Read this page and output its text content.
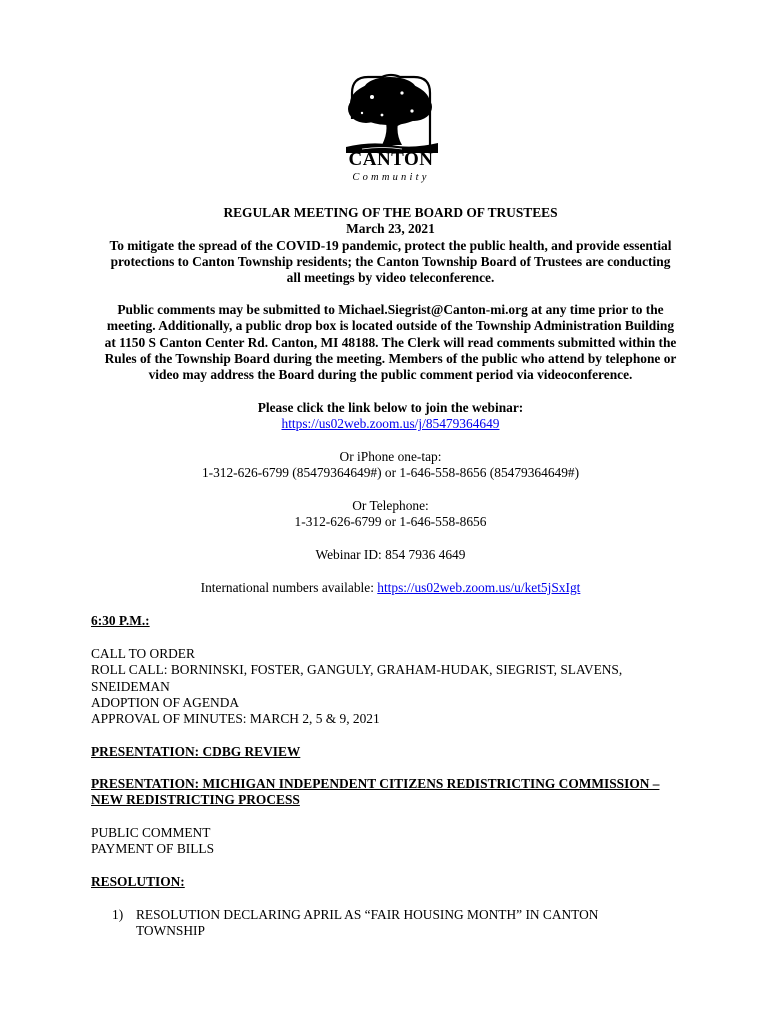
CANTON
Community

REGULAR MEETING OF THE BOARD OF TRUSTEES

March 23, 2021

To mitigate the spread of the COVID-19 pandemic, protect the public health, and provide essential

protections to Canton Township residents; the Canton Township Board of Trustees are conducting

all meetings by video teleconference.

Public comments may be submitted to Michael.Siegrist@Canton-mi.org at any time prior to the

meeting. Additionally, a public drop box is located outside of the Township Administration Building

at 1150 S Canton Center Rd. Canton, MI 48188. The Clerk will read comments submitted within the

Rules of the Township Board during the meeting. Members of the public who attend by telephone or

video may address the Board during the public comment period via videoconference.

Please click the link below to join the webinar:

https://us02web.zoom.us/j/85479364649

Or iPhone one-tap:

1-312-626-6799 (85479364649#) or 1-646-558-8656 (85479364649#)

Or Telephone:

1-312-626-6799 or 1-646-558-8656

Webinar ID: 854 7936 4649

International numbers available: https://us02web.zoom.us/u/ket5jSxIgt

6:30 P.M.:

CALL TO ORDER

ROLL CALL: BORNINSKI, FOSTER, GANGULY, GRAHAM-HUDAK, SIEGRIST, SLAVENS,

SNEIDEMAN

ADOPTION OF AGENDA

APPROVAL OF MINUTES: MARCH 2, 5 & 9, 2021

PRESENTATION: CDBG REVIEW

PRESENTATION: MICHIGAN INDEPENDENT CITIZENS REDISTRICTING COMMISSION –

NEW REDISTRICTING PROCESS

PUBLIC COMMENT

PAYMENT OF BILLS

RESOLUTION:

1) RESOLUTION DECLARING APRIL AS “FAIR HOUSING MONTH” IN CANTON
TOWNSHIP
